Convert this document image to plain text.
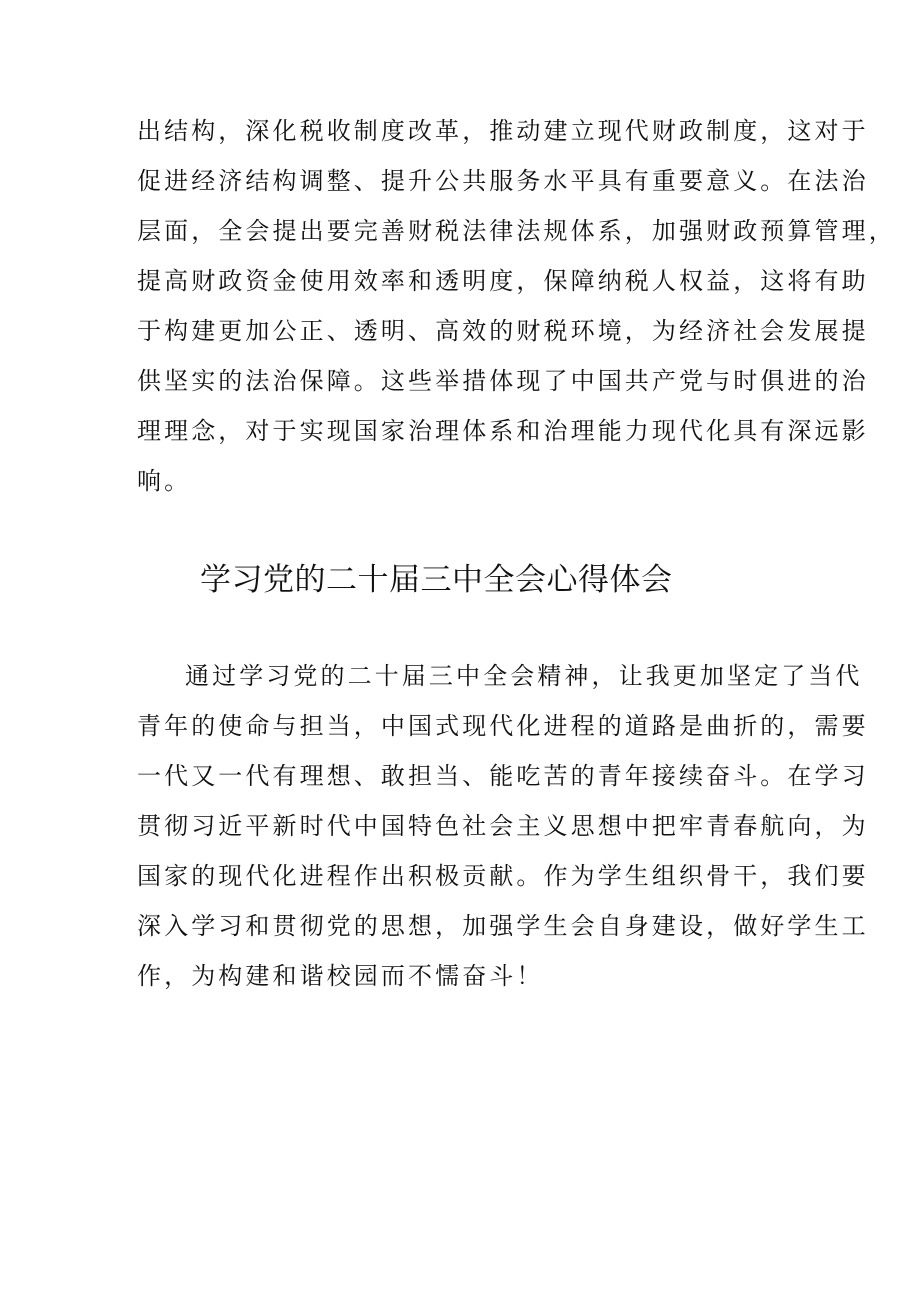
出结构，深化税收制度改革，推动建立现代财政制度，这对于
促进经济结构调整、提升公共服务水平具有重要意义。在法治
层面，全会提出要完善财税法律法规体系，加强财政预算管理，
提高财政资金使用效率和透明度，保障纳税人权益，这将有助
于构建更加公正、透明、高效的财税环境，为经济社会发展提
供坚实的法治保障。这些举措体现了中国共产党与时俱进的治
理理念，对于实现国家治理体系和治理能力现代化具有深远影
响。
学习党的二十届三中全会心得体会
通过学习党的二十届三中全会精神，让我更加坚定了当代
青年的使命与担当，中国式现代化进程的道路是曲折的，需要
一代又一代有理想、敢担当、能吃苦的青年接续奋斗。在学习
贯彻习近平新时代中国特色社会主义思想中把牢青春航向，为
国家的现代化进程作出积极贡献。作为学生组织骨干，我们要
深入学习和贯彻党的思想，加强学生会自身建设，做好学生工
作，为构建和谐校园而不懦奋斗！
